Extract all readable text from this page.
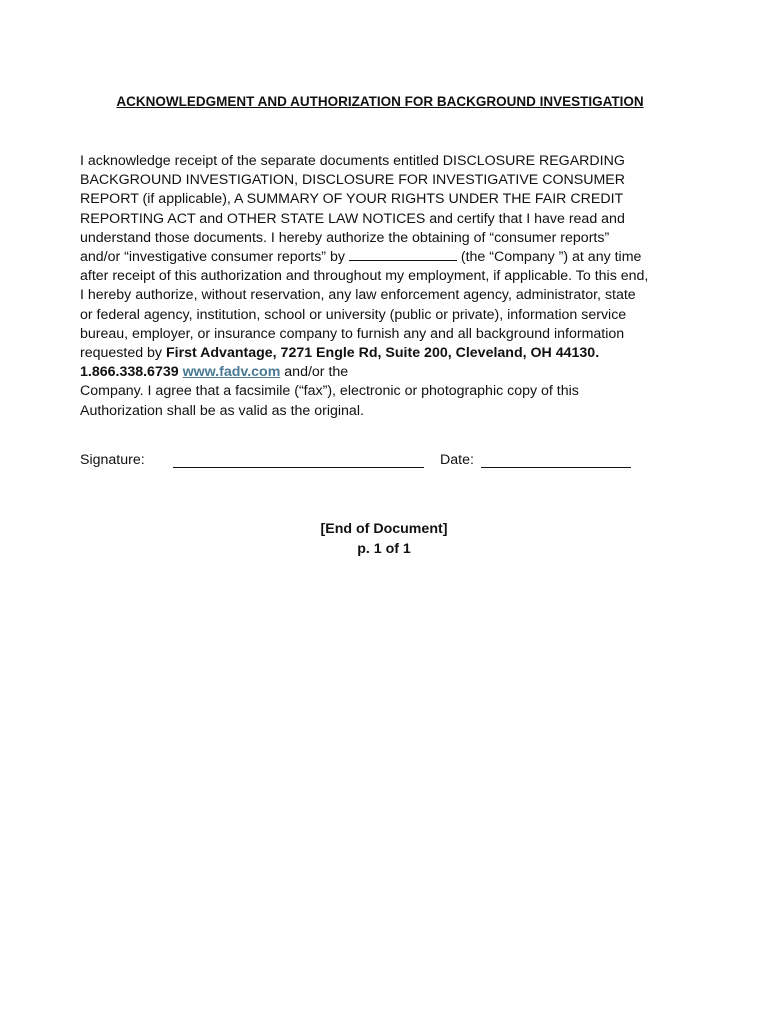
ACKNOWLEDGMENT AND AUTHORIZATION FOR BACKGROUND INVESTIGATION
I acknowledge receipt of the separate documents entitled DISCLOSURE REGARDING
BACKGROUND INVESTIGATION, DISCLOSURE FOR INVESTIGATIVE CONSUMER
REPORT (if applicable), A SUMMARY OF YOUR RIGHTS UNDER THE FAIR CREDIT
REPORTING ACT and OTHER STATE LAW NOTICES and certify that I have read and
understand those documents. I hereby authorize the obtaining of “consumer reports”
and/or “investigative consumer reports” by	(the “Company ”) at any time
after receipt of this authorization and throughout my employment, if applicable. To this end,
I hereby authorize, without reservation, any law enforcement agency, administrator, state
or federal agency, institution, school or university (public or private), information service
bureau, employer, or insurance company to furnish any and all background information
requested by First Advantage, 7271 Engle Rd, Suite 200, Cleveland, OH 44130.
1.866.338.6739 www.fadv.com and/or the
Company. I agree that a facsimile (“fax”), electronic or photographic copy of this
Authorization shall be as valid as the original.
Signature:	Date:
[End of Document]
p. 1 of 1
